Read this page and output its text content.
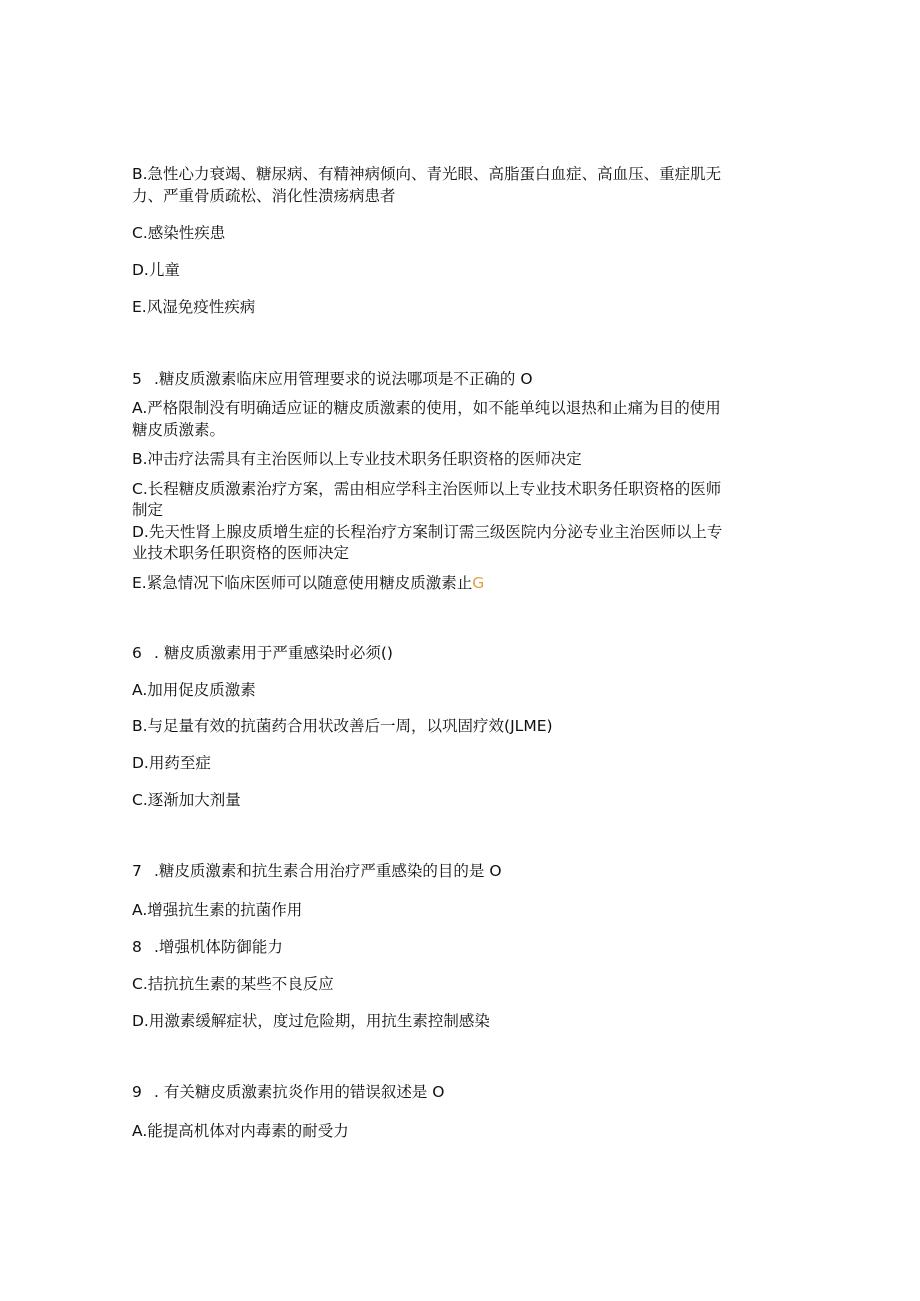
B.急性心力衰竭、糖尿病、有精神病倾向、青光眼、高脂蛋白血症、高血压、重症肌无
力、严重骨质疏松、消化性溃疡病患者
C.感染性疾患
D.儿童
E.风湿免疫性疾病
5 .糖皮质激素临床应用管理要求的说法哪项是不正确的 O
A.严格限制没有明确适应证的糖皮质激素的使用，如不能单纯以退热和止痛为目的使用
糖皮质激素。
B.冲击疗法需具有主治医师以上专业技术职务任职资格的医师决定
C.长程糖皮质激素治疗方案，需由相应学科主治医师以上专业技术职务任职资格的医师
制定
D.先天性肾上腺皮质增生症的长程治疗方案制订需三级医院内分泌专业主治医师以上专
业技术职务任职资格的医师决定
E.紧急情况下临床医师可以随意使用糖皮质激素止G
6 . 糖皮质激素用于严重感染时必须()
A.加用促皮质激素
B.与足量有效的抗菌药合用状改善后一周，以巩固疗效(JLME)
D.用药至症
C.逐渐加大剂量
7 .糖皮质激素和抗生素合用治疗严重感染的目的是 O
A.增强抗生素的抗菌作用
8 .增强机体防御能力
C.拮抗抗生素的某些不良反应
D.用激素缓解症状，度过危险期，用抗生素控制感染
9 . 有关糖皮质激素抗炎作用的错误叙述是 O
A.能提高机体对内毒素的耐受力
